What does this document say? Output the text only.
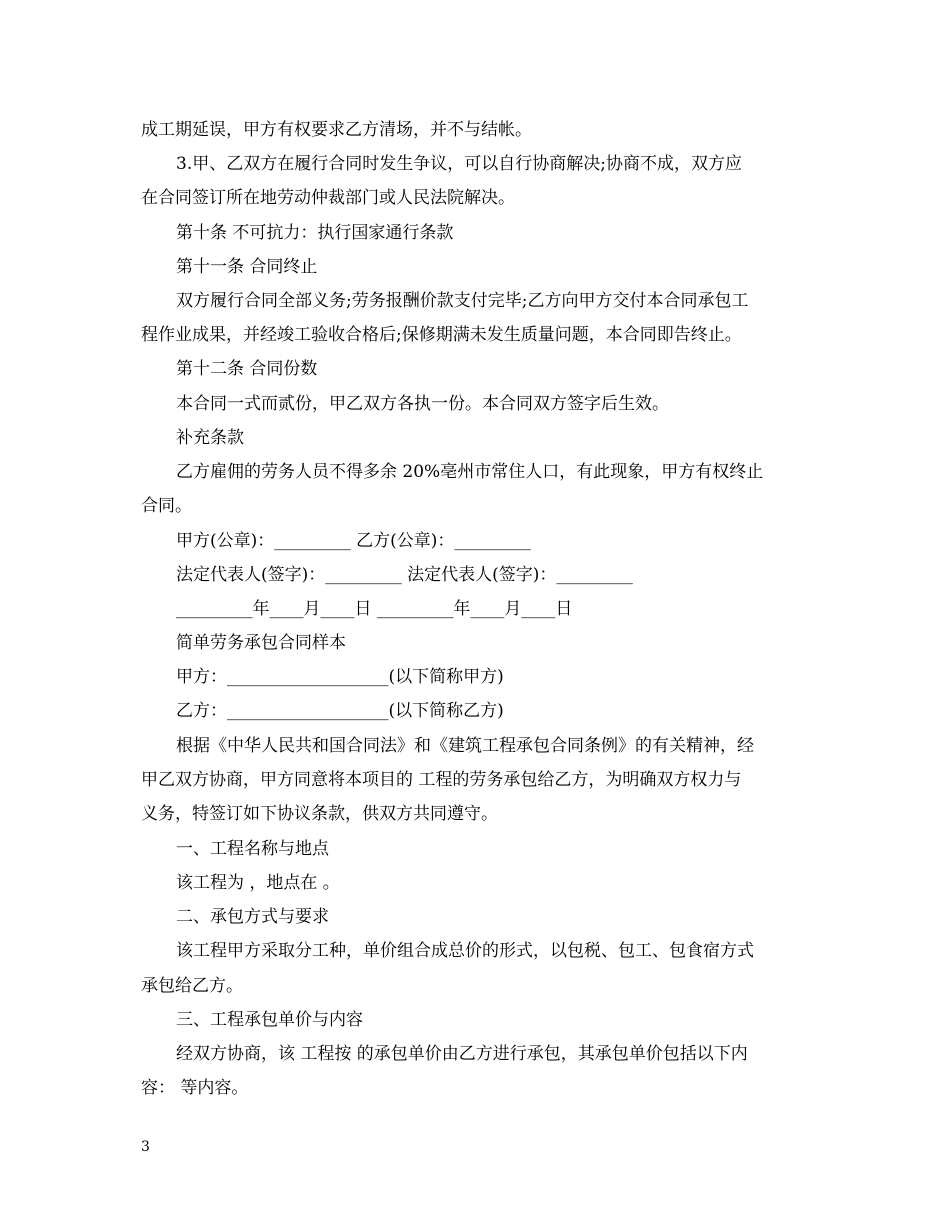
成工期延误，甲方有权要求乙方清场，并不与结帐。
3.甲、乙双方在履行合同时发生争议，可以自行协商解决;协商不成，双方应
在合同签订所在地劳动仲裁部门或人民法院解决。
第十条 不可抗力：执行国家通行条款
第十一条 合同终止
双方履行合同全部义务;劳务报酬价款支付完毕;乙方向甲方交付本合同承包工
程作业成果，并经竣工验收合格后;保修期满未发生质量问题，本合同即告终止。
第十二条 合同份数
本合同一式而贰份，甲乙双方各执一份。本合同双方签字后生效。
补充条款
乙方雇佣的劳务人员不得多余 20%亳州市常住人口，有此现象，甲方有权终止
合同。
甲方(公章)：_________ 乙方(公章)：_________
法定代表人(签字)：_________ 法定代表人(签字)：_________
_________年____月____日 _________年____月____日
简单劳务承包合同样本
甲方：___________________(以下简称甲方)
乙方：___________________(以下简称乙方)
根据《中华人民共和国合同法》和《建筑工程承包合同条例》的有关精神，经
甲乙双方协商，甲方同意将本项目的 工程的劳务承包给乙方，为明确双方权力与
义务，特签订如下协议条款，供双方共同遵守。
一、工程名称与地点
该工程为 ，地点在 。
二、承包方式与要求
该工程甲方采取分工种，单价组合成总价的形式，以包税、包工、包食宿方式
承包给乙方。
三、工程承包单价与内容
经双方协商，该 工程按 的承包单价由乙方进行承包，其承包单价包括以下内
容： 等内容。
3
